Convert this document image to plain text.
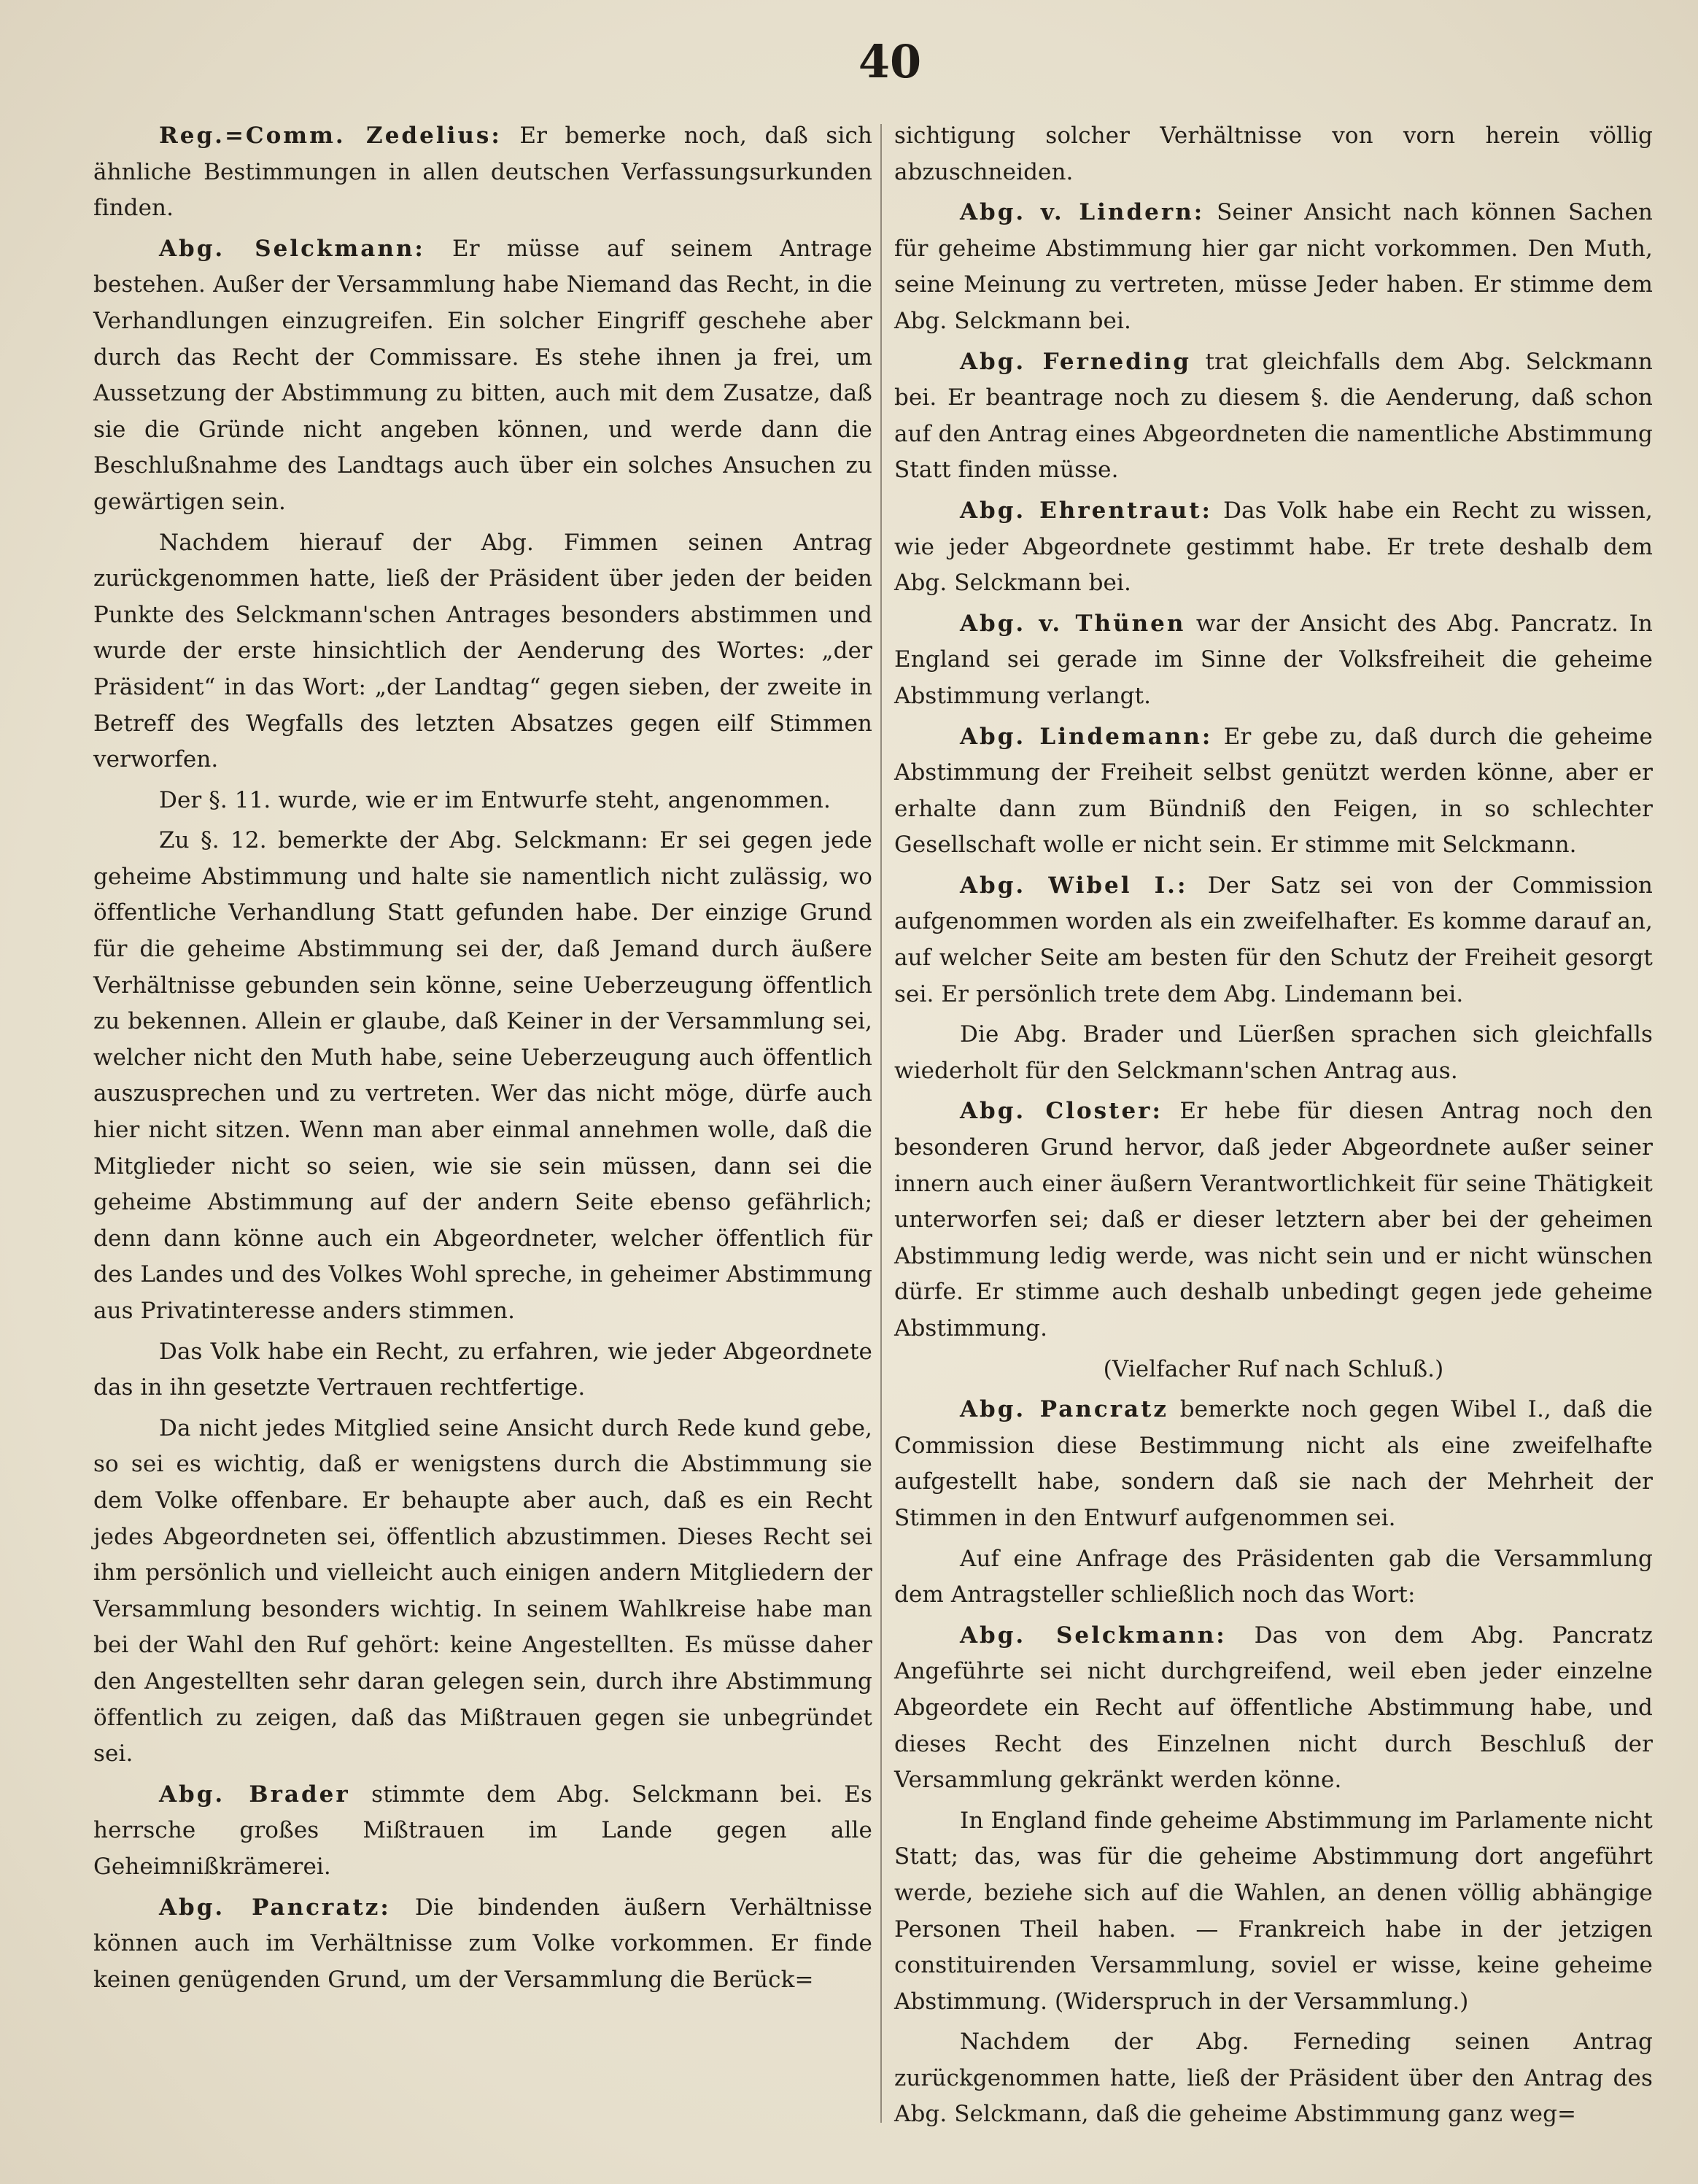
40

Reg.=Comm. Zedelius: Er bemerke noch, daß sich ähnliche Bestimmungen in allen deutschen Verfassungsurkunden finden.

Abg. Selckmann: Er müsse auf seinem Antrage bestehen. Außer der Versammlung habe Niemand das Recht, in die Verhandlungen einzugreifen. Ein solcher Eingriff geschehe aber durch das Recht der Commissare. Es stehe ihnen ja frei, um Aussetzung der Abstimmung zu bitten, auch mit dem Zusatze, daß sie die Gründe nicht angeben können, und werde dann die Beschlußnahme des Landtags auch über ein solches Ansuchen zu gewärtigen sein.

Nachdem hierauf der Abg. Fimmen seinen Antrag zurückgenommen hatte, ließ der Präsident über jeden der beiden Punkte des Selckmann'schen Antrages besonders abstimmen und wurde der erste hinsichtlich der Aenderung des Wortes: „der Präsident“ in das Wort: „der Landtag“ gegen sieben, der zweite in Betreff des Wegfalls des letzten Absatzes gegen eilf Stimmen verworfen.

Der §. 11. wurde, wie er im Entwurfe steht, angenommen.

Zu §. 12. bemerkte der Abg. Selckmann: Er sei gegen jede geheime Abstimmung und halte sie namentlich nicht zulässig, wo öffentliche Verhandlung Statt gefunden habe. Der einzige Grund für die geheime Abstimmung sei der, daß Jemand durch äußere Verhältnisse gebunden sein könne, seine Ueberzeugung öffentlich zu bekennen. Allein er glaube, daß Keiner in der Versammlung sei, welcher nicht den Muth habe, seine Ueberzeugung auch öffentlich auszusprechen und zu vertreten. Wer das nicht möge, dürfe auch hier nicht sitzen. Wenn man aber einmal annehmen wolle, daß die Mitglieder nicht so seien, wie sie sein müssen, dann sei die geheime Abstimmung auf der andern Seite ebenso gefährlich; denn dann könne auch ein Abgeordneter, welcher öffentlich für des Landes und des Volkes Wohl spreche, in geheimer Abstimmung aus Privatinteresse anders stimmen.

Das Volk habe ein Recht, zu erfahren, wie jeder Abgeordnete das in ihn gesetzte Vertrauen rechtfertige.

Da nicht jedes Mitglied seine Ansicht durch Rede kund gebe, so sei es wichtig, daß er wenigstens durch die Abstimmung sie dem Volke offenbare. Er behaupte aber auch, daß es ein Recht jedes Abgeordneten sei, öffentlich abzustimmen. Dieses Recht sei ihm persönlich und vielleicht auch einigen andern Mitgliedern der Versammlung besonders wichtig. In seinem Wahlkreise habe man bei der Wahl den Ruf gehört: keine Angestellten. Es müsse daher den Angestellten sehr daran gelegen sein, durch ihre Abstimmung öffentlich zu zeigen, daß das Mißtrauen gegen sie unbegründet sei.

Abg. Brader stimmte dem Abg. Selckmann bei. Es herrsche großes Mißtrauen im Lande gegen alle Geheimnißkrämerei.

Abg. Pancratz: Die bindenden äußern Verhältnisse können auch im Verhältnisse zum Volke vorkommen. Er finde keinen genügenden Grund, um der Versammlung die Berück=

sichtigung solcher Verhältnisse von vorn herein völlig abzuschneiden.

Abg. v. Lindern: Seiner Ansicht nach können Sachen für geheime Abstimmung hier gar nicht vorkommen. Den Muth, seine Meinung zu vertreten, müsse Jeder haben. Er stimme dem Abg. Selckmann bei.

Abg. Ferneding trat gleichfalls dem Abg. Selckmann bei. Er beantrage noch zu diesem §. die Aenderung, daß schon auf den Antrag eines Abgeordneten die namentliche Abstimmung Statt finden müsse.

Abg. Ehrentraut: Das Volk habe ein Recht zu wissen, wie jeder Abgeordnete gestimmt habe. Er trete deshalb dem Abg. Selckmann bei.

Abg. v. Thünen war der Ansicht des Abg. Pancratz. In England sei gerade im Sinne der Volksfreiheit die geheime Abstimmung verlangt.

Abg. Lindemann: Er gebe zu, daß durch die geheime Abstimmung der Freiheit selbst genützt werden könne, aber er erhalte dann zum Bündniß den Feigen, in so schlechter Gesellschaft wolle er nicht sein. Er stimme mit Selckmann.

Abg. Wibel I.: Der Satz sei von der Commission aufgenommen worden als ein zweifelhafter. Es komme darauf an, auf welcher Seite am besten für den Schutz der Freiheit gesorgt sei. Er persönlich trete dem Abg. Lindemann bei.

Die Abg. Brader und Lüerßen sprachen sich gleichfalls wiederholt für den Selckmann'schen Antrag aus.

Abg. Closter: Er hebe für diesen Antrag noch den besonderen Grund hervor, daß jeder Abgeordnete außer seiner innern auch einer äußern Verantwortlichkeit für seine Thätigkeit unterworfen sei; daß er dieser letztern aber bei der geheimen Abstimmung ledig werde, was nicht sein und er nicht wünschen dürfe. Er stimme auch deshalb unbedingt gegen jede geheime Abstimmung.

(Vielfacher Ruf nach Schluß.)

Abg. Pancratz bemerkte noch gegen Wibel I., daß die Commission diese Bestimmung nicht als eine zweifelhafte aufgestellt habe, sondern daß sie nach der Mehrheit der Stimmen in den Entwurf aufgenommen sei.

Auf eine Anfrage des Präsidenten gab die Versammlung dem Antragsteller schließlich noch das Wort:

Abg. Selckmann: Das von dem Abg. Pancratz Angeführte sei nicht durchgreifend, weil eben jeder einzelne Abgeordete ein Recht auf öffentliche Abstimmung habe, und dieses Recht des Einzelnen nicht durch Beschluß der Versammlung gekränkt werden könne.

In England finde geheime Abstimmung im Parlamente nicht Statt; das, was für die geheime Abstimmung dort angeführt werde, beziehe sich auf die Wahlen, an denen völlig abhängige Personen Theil haben. — Frankreich habe in der jetzigen constituirenden Versammlung, soviel er wisse, keine geheime Abstimmung. (Widerspruch in der Versammlung.)

Nachdem der Abg. Ferneding seinen Antrag zurückgenommen hatte, ließ der Präsident über den Antrag des Abg. Selckmann, daß die geheime Abstimmung ganz weg=
